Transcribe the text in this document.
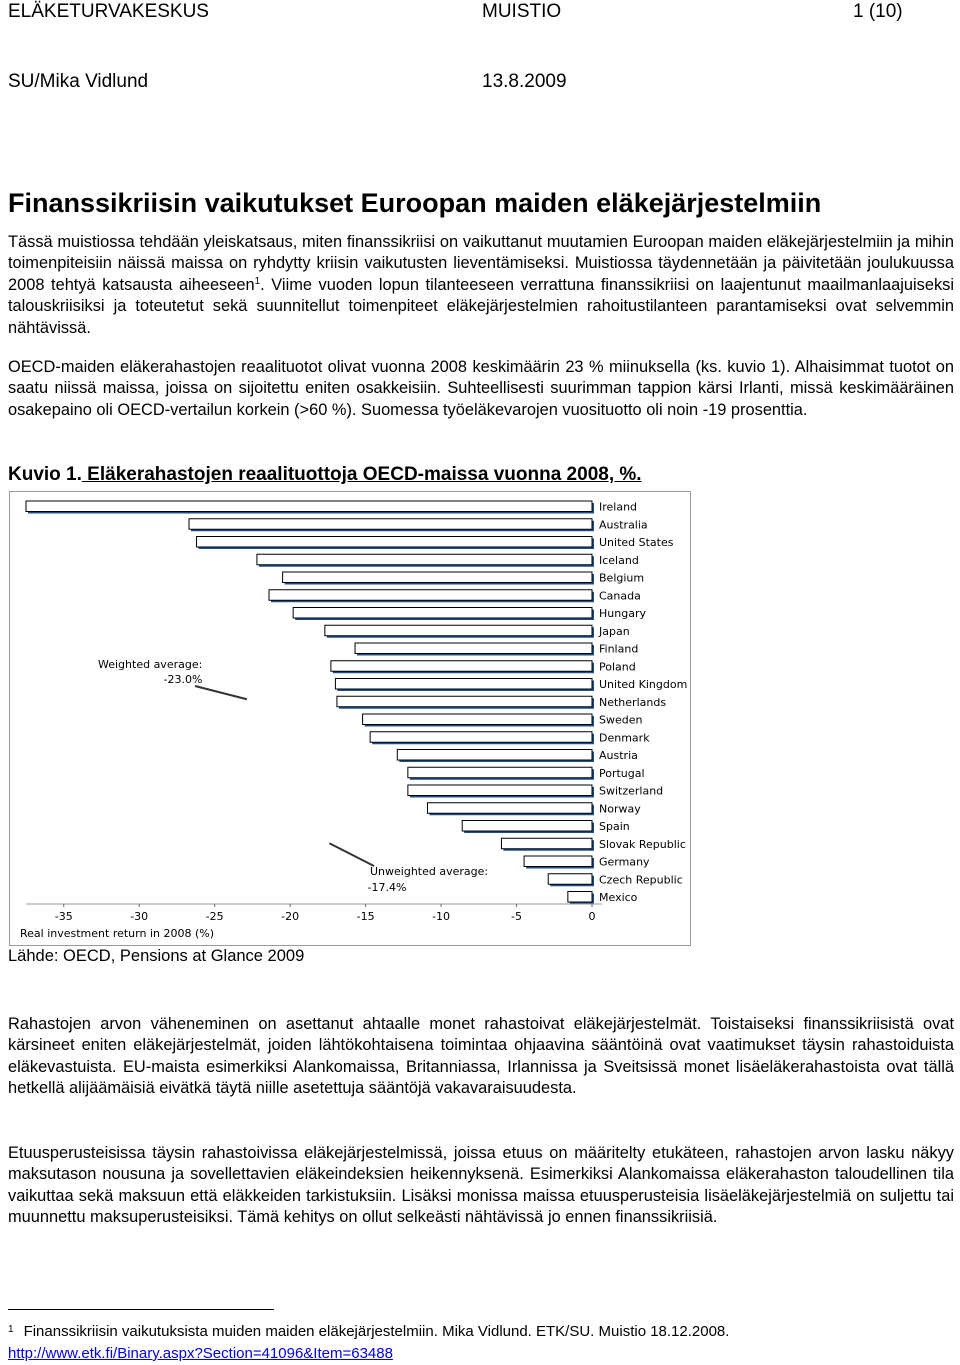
ELÄKETURVAKESKUS	MUISTIO	1 (10)
SU/Mika Vidlund	13.8.2009
Finanssikriisin vaikutukset Euroopan maiden eläkejärjestelmiin

Tässä muistiossa tehdään yleiskatsaus, miten finanssikriisi on vaikuttanut muutamien Euroopan maiden eläkejärjestelmiin ja mihin toimenpiteisiin näissä maissa on ryhdytty kriisin vaikutusten lieventämiseksi. Muistiossa täydennetään ja päivitetään joulukuussa 2008 tehtyä katsausta aiheeseen$^1$. Viime vuoden lopun tilanteeseen verrattuna finanssikriisi on laajentunut maailmanlaajuiseksi talouskriisiksi ja toteutetut sekä suunnitellut toimenpiteet eläkejärjestelmien rahoitustilanteen parantamiseksi ovat selvemmin nähtävissä.

OECD-maiden eläkerahastojen reaalituotot olivat vuonna 2008 keskimäärin 23 % miinuksella (ks. kuvio 1). Alhaisimmat tuotot on saatu niissä maissa, joissa on sijoitettu eniten osakkeisiin. Suhteellisesti suurimman tappion kärsi Irlanti, missä keskimääräinen osakepaino oli OECD-vertailun korkein (>60 %). Suomessa työeläkevarojen vuosituotto oli noin -19 prosenttia.

Kuvio 1. Eläkerahastojen reaalituottoja OECD-maissa vuonna 2008, %.
Ireland
Australia
United States
Iceland
Belgium
Canada
Hungary
Japan
Finland
Poland
United Kingdom
Netherlands
Sweden
Denmark
Austria
Portugal
Switzerland
Norway
Spain
Slovak Republic
Germany
Czech Republic
Mexico
-35	-30	-25	-20	-15	-10	-5	0
Real investment return in 2008 (%)
Weighted average:
-23.0%
Unweighted average:
-17.4%
Lähde: OECD, Pensions at Glance 2009

Rahastojen arvon väheneminen on asettanut ahtaalle monet rahastoivat eläkejärjestelmät. Toistaiseksi finanssikriisistä ovat kärsineet eniten eläkejärjestelmät, joiden lähtökohtaisena toimintaa ohjaavina sääntöinä ovat vaatimukset täysin rahastoiduista eläkevastuista. EU-maista esimerkiksi Alankomaissa, Britanniassa, Irlannissa ja Sveitsissä monet lisäeläkerahastoista ovat tällä hetkellä alijäämäisiä eivätkä täytä niille asetettuja sääntöjä vakavaraisuudesta.

Etuusperusteisissa täysin rahastoivissa eläkejärjestelmissä, joissa etuus on määritelty etukäteen, rahastojen arvon lasku näkyy maksutason nousuna ja sovellettavien eläkeindeksien heikennyksenä. Esimerkiksi Alankomaissa eläkerahaston taloudellinen tila vaikuttaa sekä maksuun että eläkkeiden tarkistuksiin. Lisäksi monissa maissa etuusperusteisia lisäeläkejärjestelmiä on suljettu tai muunnettu maksuperusteisiksi. Tämä kehitys on ollut selkeästi nähtävissä jo ennen finanssikriisiä.

$^1$ Finanssikriisin vaikutuksista muiden maiden eläkejärjestelmiin. Mika Vidlund. ETK/SU. Muistio 18.12.2008.
http://www.etk.fi/Binary.aspx?Section=41096&Item=63488
